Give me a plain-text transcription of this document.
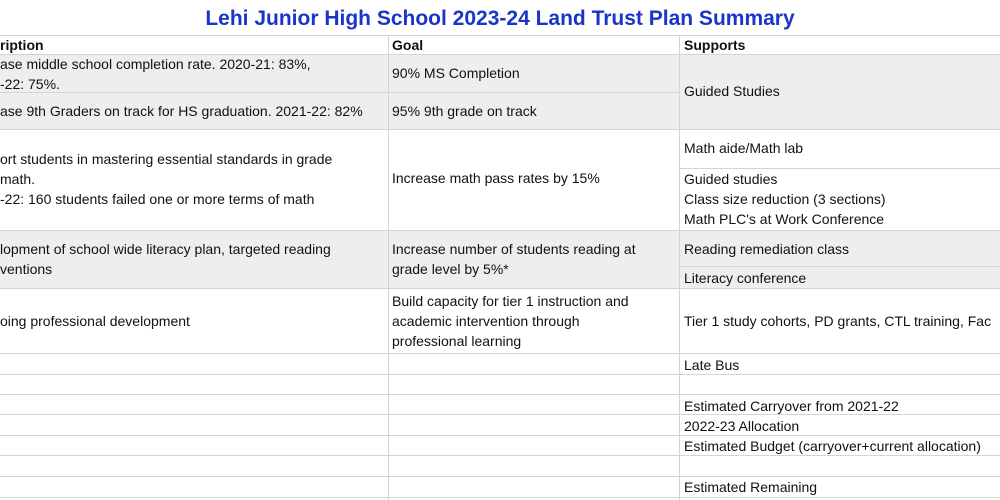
Lehi Junior High School 2023-24 Land Trust Plan Summary
ription	Goal	Supports
ase middle school completion rate. 2020-21: 83%,
-22: 75%.
90% MS Completion
Guided Studies
ase 9th Graders on track for HS graduation. 2021-22: 82% 95% 9th grade on track
ort students in mastering essential standards in grade
math.
-22: 160 students failed one or more terms of math
Increase math pass rates by 15%
Math aide/Math lab
Guided studies
Class size reduction (3 sections)
Math PLC's at Work Conference
lopment of school wide literacy plan, targeted reading
ventions
Increase number of students reading at
grade level by 5%*
Reading remediation class
Literacy conference
oing professional development
Build capacity for tier 1 instruction and
academic intervention through
professional learning
Tier 1 study cohorts, PD grants, CTL training, Fac
Late Bus
Estimated Carryover from 2021-22
2022-23 Allocation
Estimated Budget (carryover+current allocation)
Estimated Remaining
